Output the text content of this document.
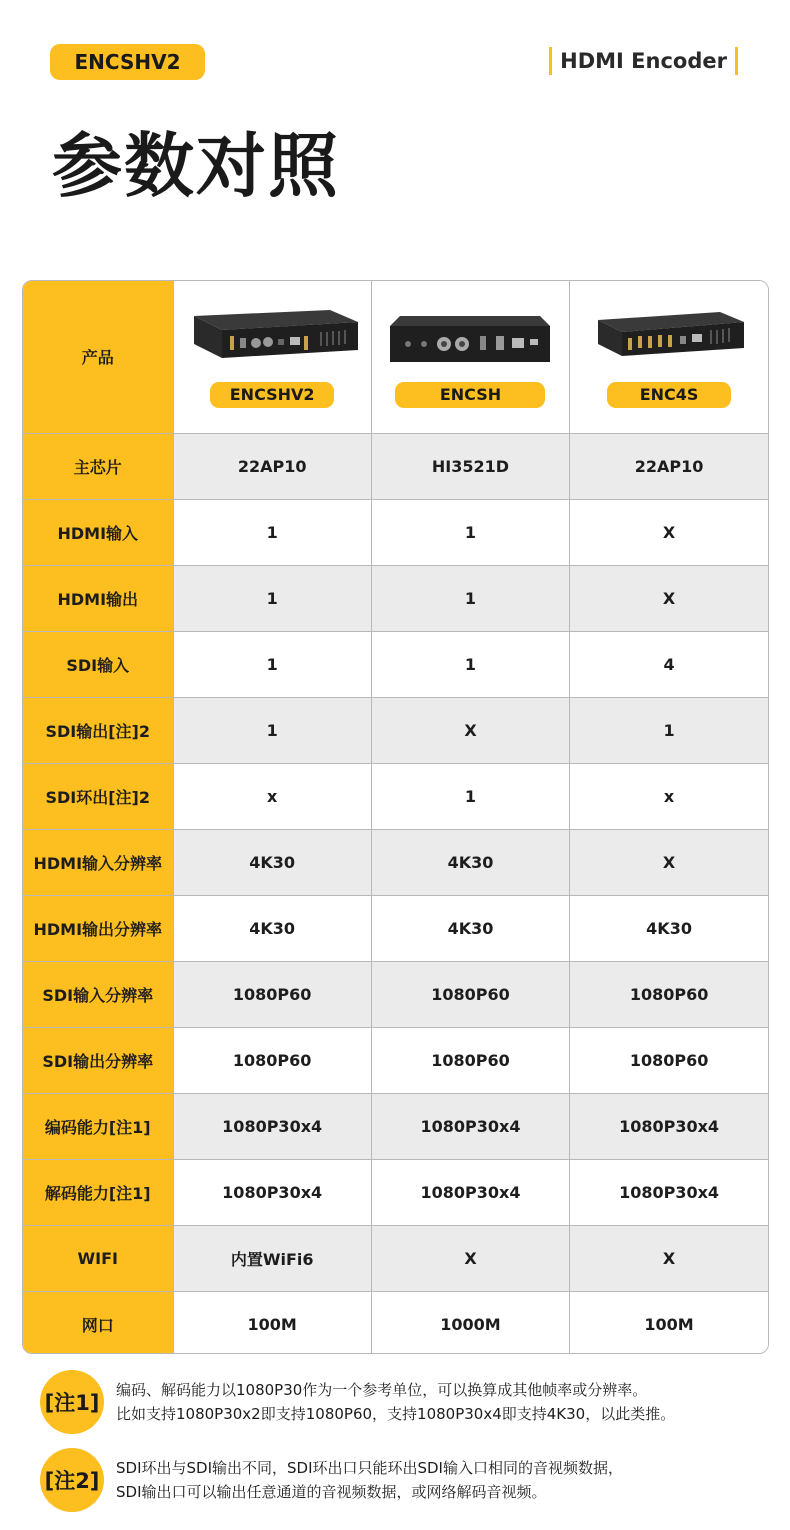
ENCSHV2	HDMI Encoder
参数对照
产品	ENCSHV2	ENCSH	ENC4S
主芯片	22AP10	HI3521D	22AP10
HDMI输入	1	1	X
HDMI输出	1	1	X
SDI输入	1	1	4
SDI输出[注]2	1	X	1
SDI环出[注]2	x	1	x
HDMI输入分辨率	4K30	4K30	X
HDMI输出分辨率	4K30	4K30	4K30
SDI输入分辨率	1080P60	1080P60	1080P60
SDI输出分辨率	1080P60	1080P60	1080P60
编码能力[注1]	1080P30x4	1080P30x4	1080P30x4
解码能力[注1]	1080P30x4	1080P30x4	1080P30x4
WIFI	内置WiFi6	X	X
网口	100M	1000M	100M
[注1]
编码、解码能力以1080P30作为一个参考单位，可以换算成其他帧率或分辨率。
比如支持1080P30x2即支持1080P60，支持1080P30x4即支持4K30，以此类推。
[注2]
SDI环出与SDI输出不同，SDI环出口只能环出SDI输入口相同的音视频数据，
SDI输出口可以输出任意通道的音视频数据，或网络解码音视频。
